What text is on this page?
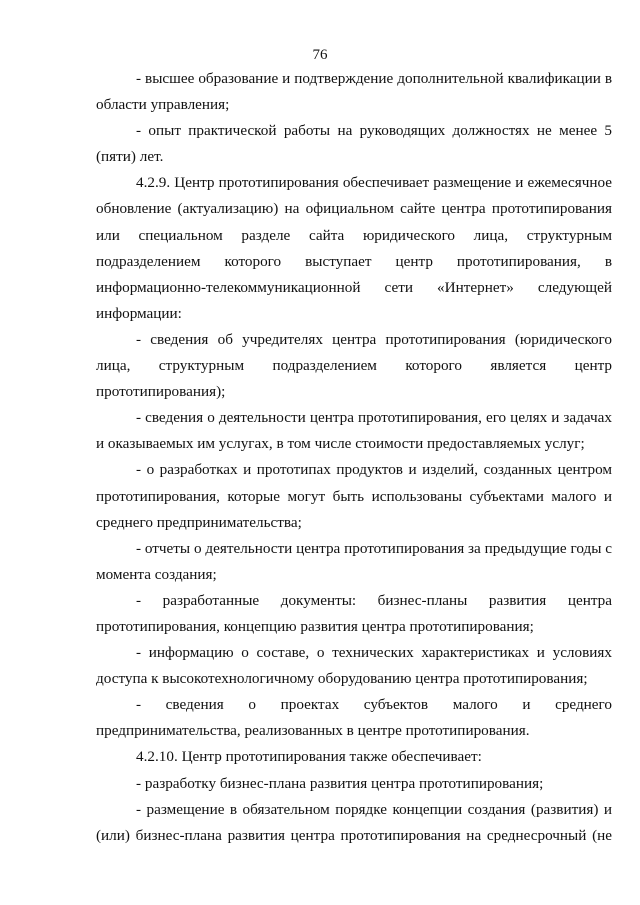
76

- высшее образование и подтверждение дополнительной квалификации в области управления;

- опыт практической работы на руководящих должностях не менее 5 (пяти) лет.

4.2.9. Центр прототипирования обеспечивает размещение и ежемесячное обновление (актуализацию) на официальном сайте центра прототипирования или специальном разделе сайта юридического лица, структурным подразделением которого выступает центр прототипирования, в информационно-телекоммуникационной сети «Интернет» следующей информации:

- сведения об учредителях центра прототипирования (юридического лица, структурным подразделением которого является центр прототипирования);

- сведения о деятельности центра прототипирования, его целях и задачах и оказываемых им услугах, в том числе стоимости предоставляемых услуг;

- о разработках и прототипах продуктов и изделий, созданных центром прототипирования, которые могут быть использованы субъектами малого и среднего предпринимательства;

- отчеты о деятельности центра прототипирования за предыдущие годы с момента создания;

- разработанные документы: бизнес-планы развития центра прототипирования, концепцию развития центра прототипирования;

- информацию о составе, о технических характеристиках и условиях доступа к высокотехнологичному оборудованию центра прототипирования;

- сведения о проектах субъектов малого и среднего предпринимательства, реализованных в центре прототипирования.

4.2.10. Центр прототипирования также обеспечивает:

- разработку бизнес-плана развития центра прототипирования;

- размещение в обязательном порядке концепции создания (развития) и (или) бизнес-плана развития центра прототипирования на среднесрочный (не
